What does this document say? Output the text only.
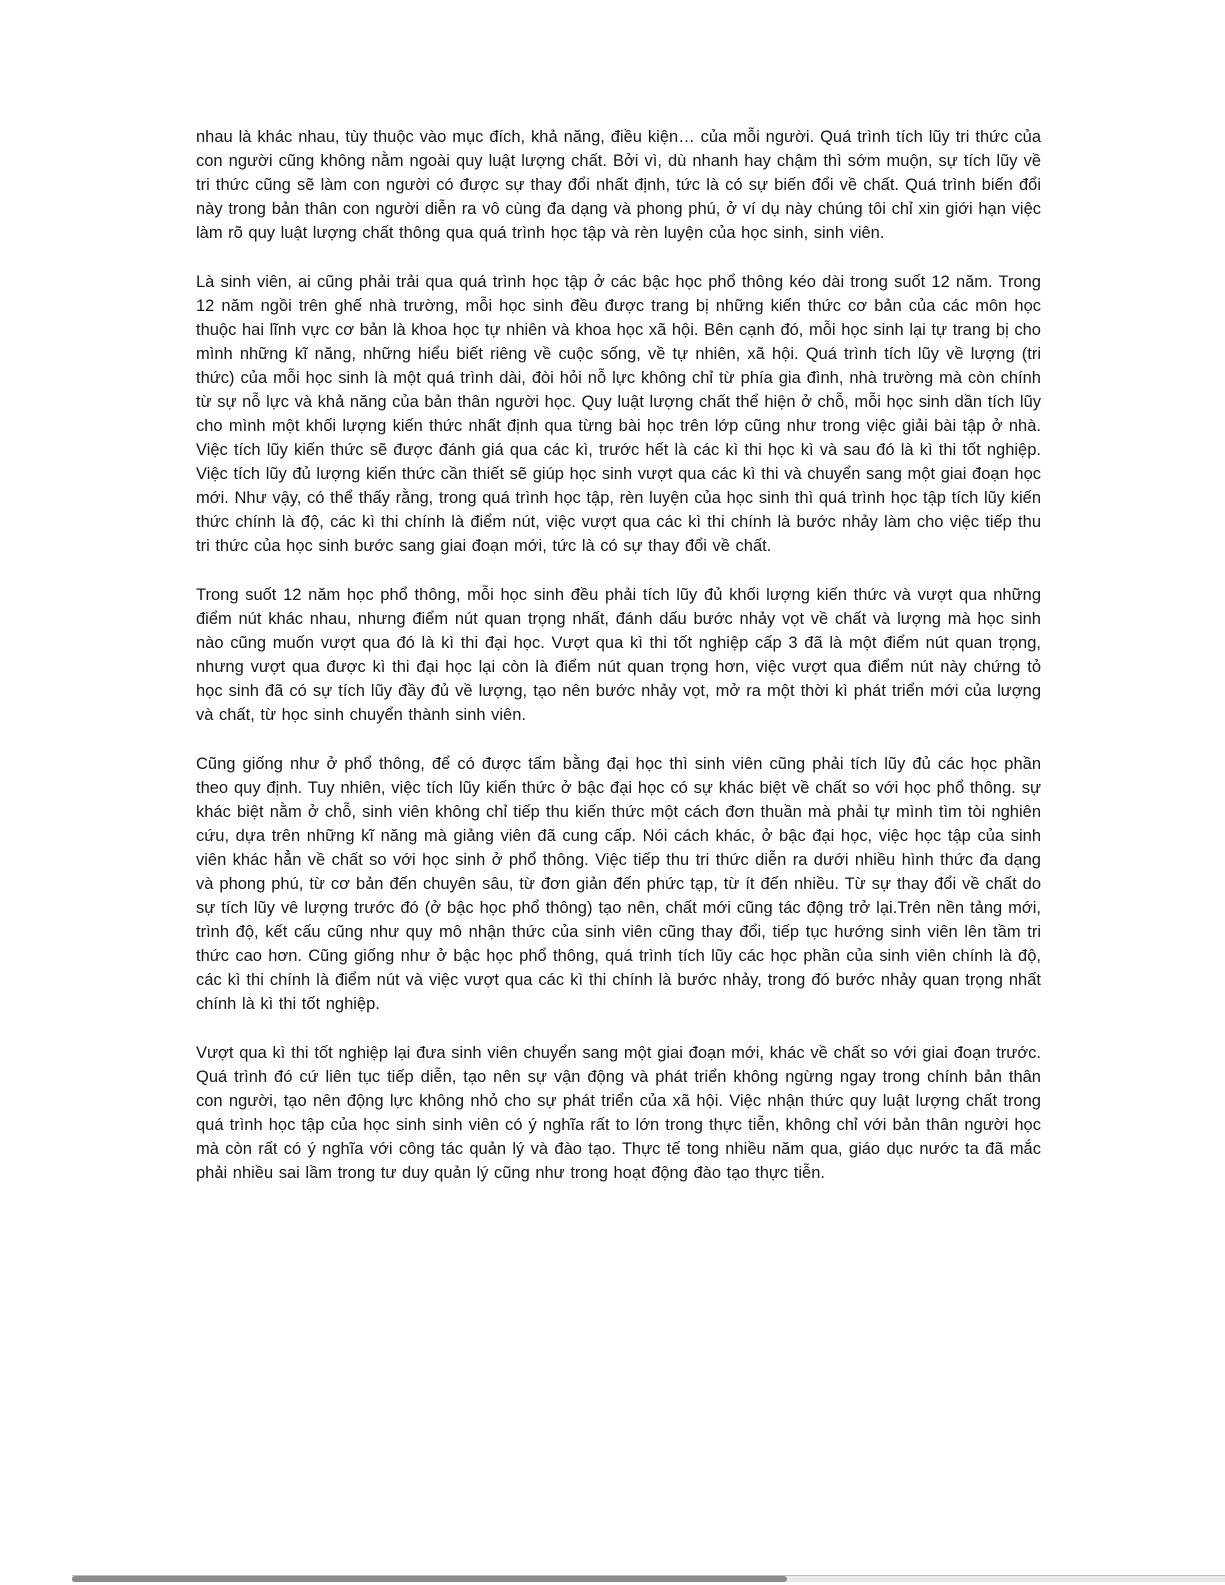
nhau là khác nhau, tùy thuộc vào mục đích, khả năng, điều kiện… của mỗi người. Quá trình tích lũy tri thức của con người cũng không nằm ngoài quy luật lượng chất. Bởi vì, dù nhanh hay chậm thì sớm muộn, sự tích lũy về tri thức cũng sẽ làm con người có được sự thay đổi nhất định, tức là có sự biến đổi về chất. Quá trình biến đổi này trong bản thân con người diễn ra vô cùng đa dạng và phong phú, ở ví dụ này chúng tôi chỉ xin giới hạn việc làm rõ quy luật lượng chất thông qua quá trình học tập và rèn luyện của học sinh, sinh viên.

Là sinh viên, ai cũng phải trải qua quá trình học tập ở các bậc học phổ thông kéo dài trong suốt 12 năm. Trong 12 năm ngồi trên ghế nhà trường, mỗi học sinh đều được trang bị những kiến thức cơ bản của các môn học thuộc hai lĩnh vực cơ bản là khoa học tự nhiên và khoa học xã hội. Bên cạnh đó, mỗi học sinh lại tự trang bị cho mình những kĩ năng, những hiểu biết riêng về cuộc sống, về tự nhiên, xã hội. Quá trình tích lũy về lượng (tri thức) của mỗi học sinh là một quá trình dài, đòi hỏi nỗ lực không chỉ từ phía gia đình, nhà trường mà còn chính từ sự nỗ lực và khả năng của bản thân người học. Quy luật lượng chất thể hiện ở chỗ, mỗi học sinh dần tích lũy cho mình một khối lượng kiến thức nhất định qua từng bài học trên lớp cũng như trong việc giải bài tập ở nhà. Việc tích lũy kiến thức sẽ được đánh giá qua các kì, trước hết là các kì thi học kì và sau đó là kì thi tốt nghiệp. Việc tích lũy đủ lượng kiến thức cần thiết sẽ giúp học sinh vượt qua các kì thi và chuyển sang một giai đoạn học mới. Như vậy, có thể thấy rằng, trong quá trình học tập, rèn luyện của học sinh thì quá trình học tập tích lũy kiến thức chính là độ, các kì thi chính là điểm nút, việc vượt qua các kì thi chính là bước nhảy làm cho việc tiếp thu tri thức của học sinh bước sang giai đoạn mới, tức là có sự thay đổi về chất.

Trong suốt 12 năm học phổ thông, mỗi học sinh đều phải tích lũy đủ khối lượng kiến thức và vượt qua những điểm nút khác nhau, nhưng điểm nút quan trọng nhất, đánh dấu bước nhảy vọt về chất và lượng mà học sinh nào cũng muốn vượt qua đó là kì thi đại học. Vượt qua kì thi tốt nghiệp cấp 3 đã là một điểm nút quan trọng, nhưng vượt qua được kì thi đại học lại còn là điểm nút quan trọng hơn, việc vượt qua điểm nút này chứng tỏ học sinh đã có sự tích lũy đầy đủ về lượng, tạo nên bước nhảy vọt, mở ra một thời kì phát triển mới của lượng và chất, từ học sinh chuyển thành sinh viên.

Cũng giống như ở phổ thông, để có được tấm bằng đại học thì sinh viên cũng phải tích lũy đủ các học phần theo quy định. Tuy nhiên, việc tích lũy kiến thức ở bậc đại học có sự khác biệt về chất so với học phổ thông. sự khác biệt nằm ở chỗ, sinh viên không chỉ tiếp thu kiến thức một cách đơn thuần mà phải tự mình tìm tòi nghiên cứu, dựa trên những kĩ năng mà giảng viên đã cung cấp. Nói cách khác, ở bậc đại học, việc học tập của sinh viên khác hẳn về chất so với học sinh ở phổ thông. Việc tiếp thu tri thức diễn ra dưới nhiều hình thức đa dạng và phong phú, từ cơ bản đến chuyên sâu, từ đơn giản đến phức tạp, từ ít đến nhiều. Từ sự thay đổi về chất do sự tích lũy vê lượng trước đó (ở bậc học phổ thông) tạo nên, chất mới cũng tác động trở lại.Trên nền tảng mới, trình độ, kết cấu cũng như quy mô nhận thức của sinh viên cũng thay đổi, tiếp tục hướng sinh viên lên tầm tri thức cao hơn. Cũng giống như ở bậc học phổ thông, quá trình tích lũy các học phần của sinh viên chính là độ, các kì thi chính là điểm nút và việc vượt qua các kì thi chính là bước nhảy, trong đó bước nhảy quan trọng nhất chính là kì thi tốt nghiệp.

Vượt qua kì thi tốt nghiệp lại đưa sinh viên chuyển sang một giai đoạn mới, khác về chất so với giai đoạn trước. Quá trình đó cứ liên tục tiếp diễn, tạo nên sự vận động và phát triển không ngừng ngay trong chính bản thân con người, tạo nên động lực không nhỏ cho sự phát triển của xã hội. Việc nhận thức quy luật lượng chất trong quá trình học tập của học sinh sinh viên có ý nghĩa rất to lớn trong thực tiễn, không chỉ với bản thân người học mà còn rất có ý nghĩa với công tác quản lý và đào tạo. Thực tế tong nhiều năm qua, giáo dục nước ta đã mắc phải nhiều sai lầm trong tư duy quản lý cũng như trong hoạt động đào tạo thực tiễn.
